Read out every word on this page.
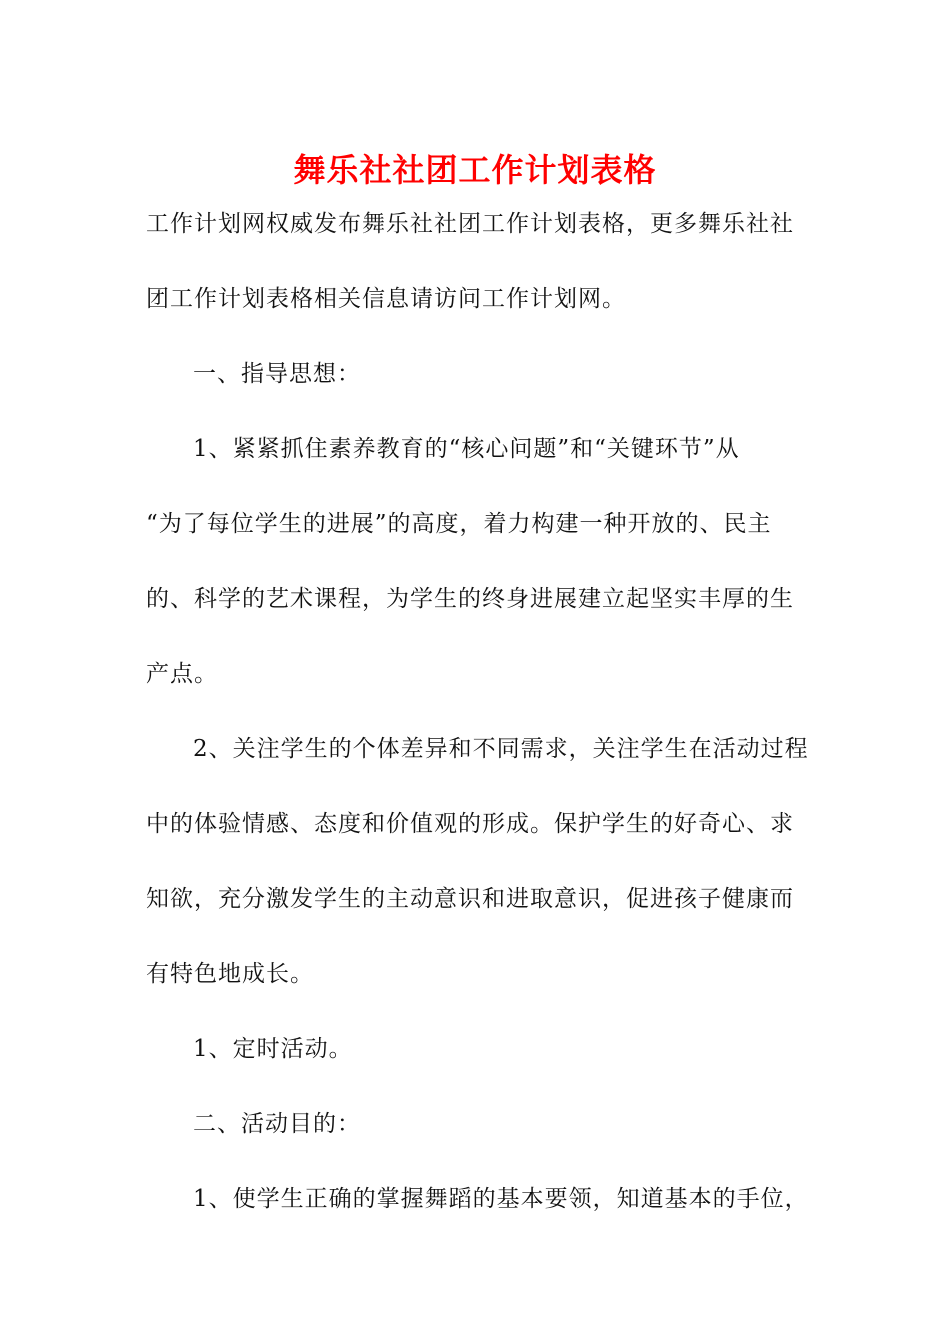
舞乐社社团工作计划表格
工作计划网权威发布舞乐社社团工作计划表格，更多舞乐社社
团工作计划表格相关信息请访问工作计划网。
一、指导思想：
1、紧紧抓住素养教育的“核心问题”和“关键环节”从
“为了每位学生的进展”的高度，着力构建一种开放的、民主
的、科学的艺术课程，为学生的终身进展建立起坚实丰厚的生
产点。
2、关注学生的个体差异和不同需求，关注学生在活动过程
中的体验情感、态度和价值观的形成。保护学生的好奇心、求
知欲，充分激发学生的主动意识和进取意识，促进孩子健康而
有特色地成长。
1、定时活动。
二、活动目的：
1、使学生正确的掌握舞蹈的基本要领，知道基本的手位，
